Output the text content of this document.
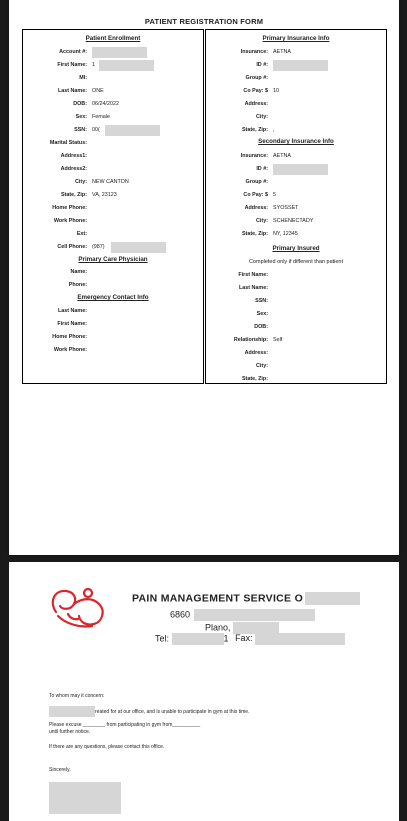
PATIENT REGISTRATION FORM
Patient Enrollment
Account #:
First Name: 1
MI:
Last Name: ONE
DOB: 06/24/2022
Sex: Female
SSN: 00(
Marital Status:
Address1:
Address2:
City: NEW CANTON
State, Zip: VA, 23123
Home Phone:
Work Phone:
Ext:
Cell Phone: (987)
Primary Care Physician
Name:
Phone:
Emergency Contact Info
Last Name:
First Name:
Home Phone:
Work Phone:
Primary Insurance Info
Insurance: AETNA
ID #:
Group #:
Co Pay: $ 10
Address:
City:
State, Zip: ,
Secondary Insurance Info
Insurance: AETNA
ID #:
Group #:
Co Pay: $ 5
Address: SYOSSET
City: SCHENECTADY
State, Zip: NY, 12345
Primary Insured
Completed only if different than patient
First Name:
Last Name:
SSN:
Sex:
DOB:
Relationship: Self
Address:
City:
State, Zip:
PAIN MANAGEMENT SERVICE O
6860
Plano,
Tel:	1 Fax:
To whom may it concern:
reated for at our office, and is unable to participate in gym at this time.
Please excuse ________ from participating in gym from__________
until further notice.
If there are any questions, please contact this office.
Sincerely,
